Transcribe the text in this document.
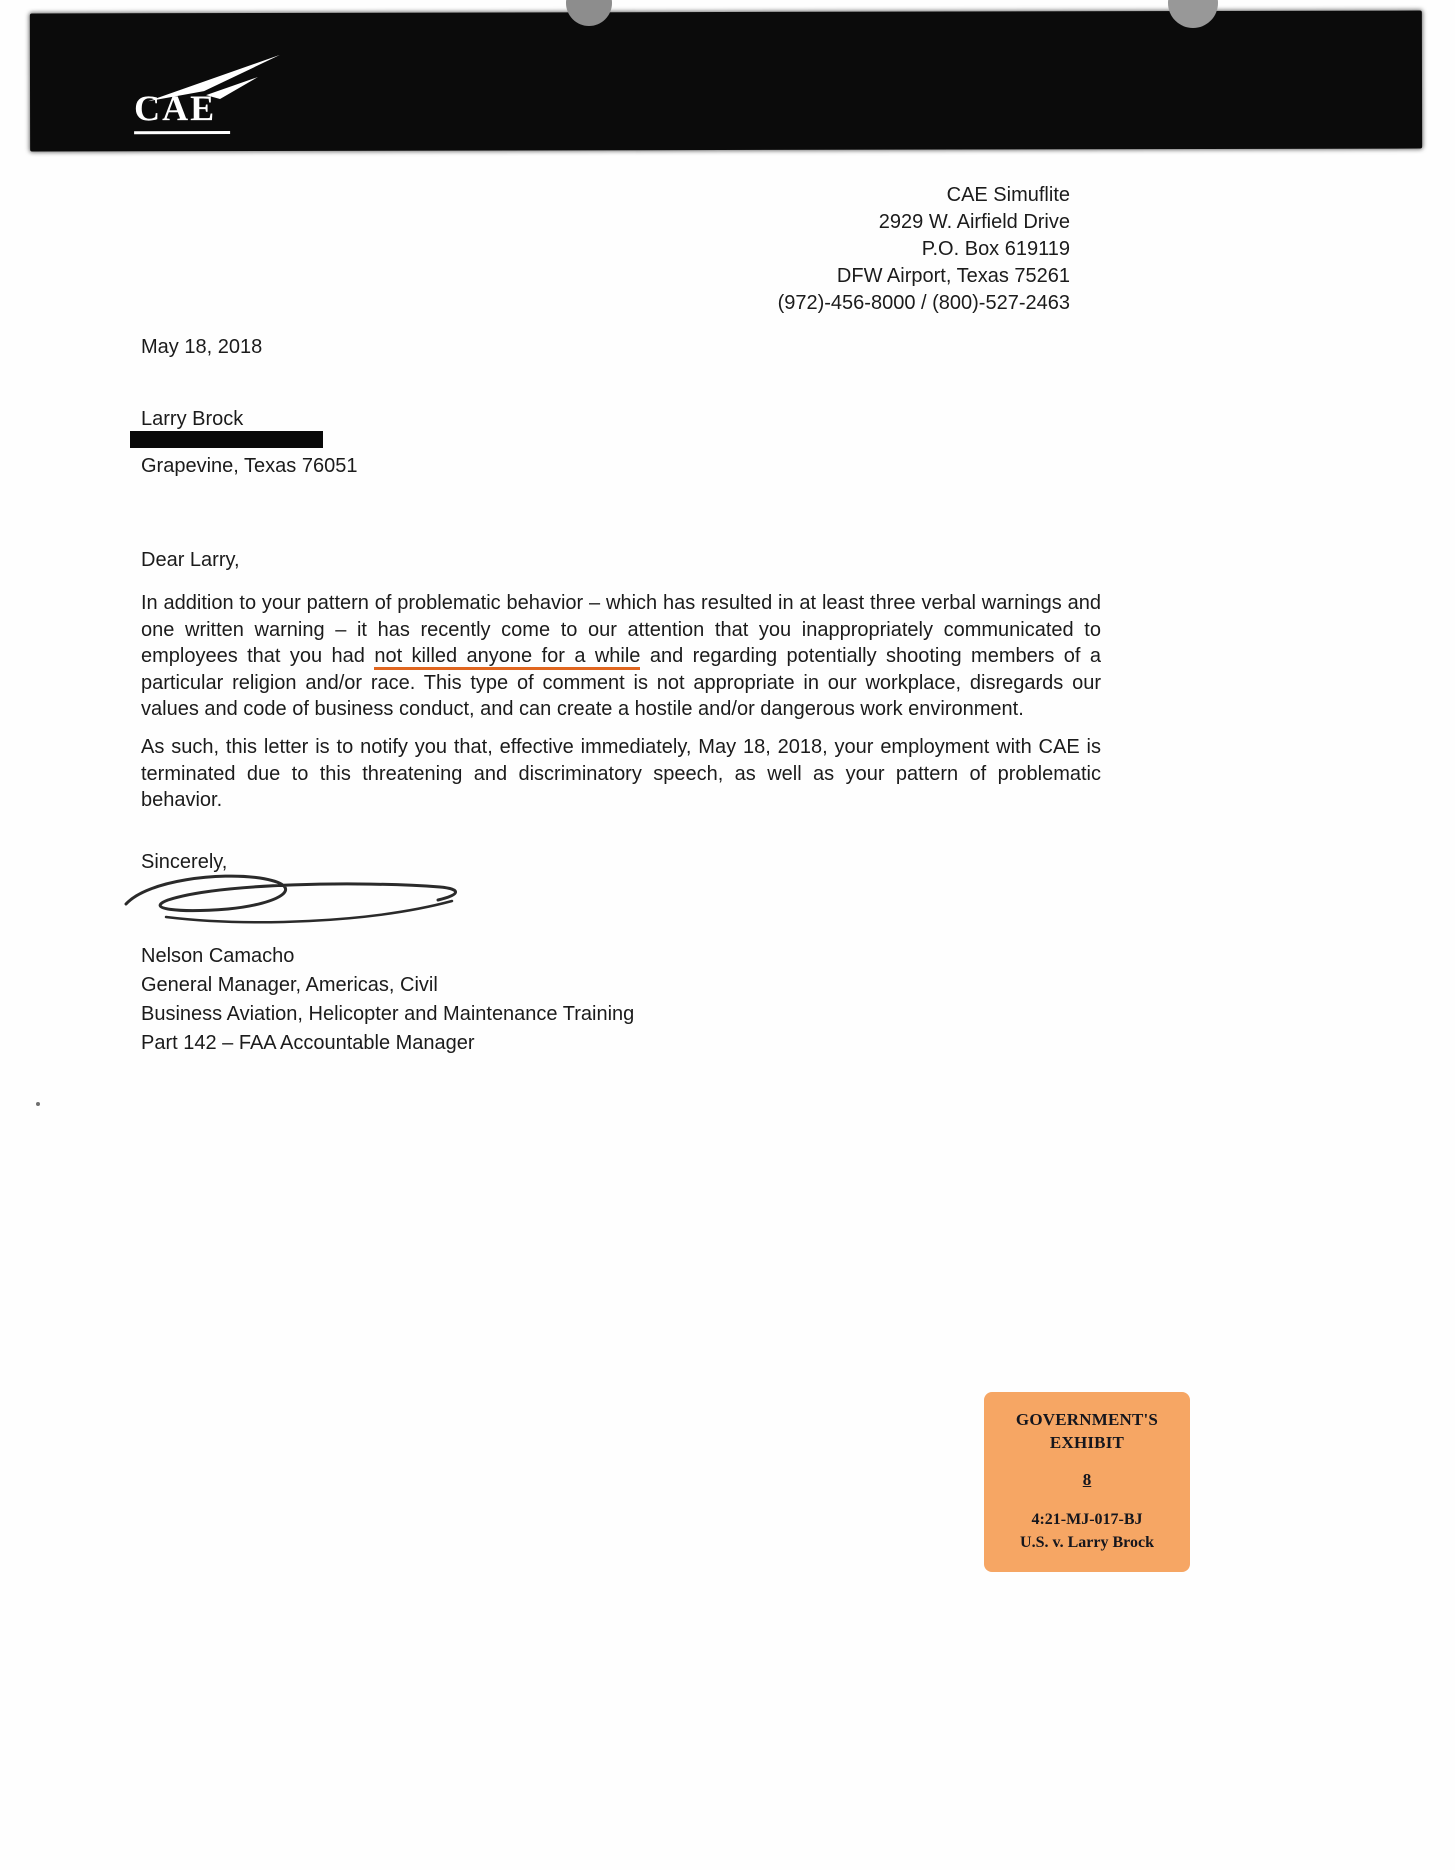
CAE
CAE Simuflite
2929 W. Airfield Drive
P.O. Box 619119
DFW Airport, Texas 75261
(972)-456-8000 / (800)-527-2463
May 18, 2018
Larry Brock
Grapevine, Texas 76051
Dear Larry,

In addition to your pattern of problematic behavior – which has resulted in at least three verbal warnings and one written warning – it has recently come to our attention that you inappropriately communicated to employees that you had not killed anyone for a while and regarding potentially shooting members of a particular religion and/or race. This type of comment is not appropriate in our workplace, disregards our values and code of business conduct, and can create a hostile and/or dangerous work environment.

As such, this letter is to notify you that, effective immediately, May 18, 2018, your employment with CAE is terminated due to this threatening and discriminatory speech, as well as your pattern of problematic behavior.

Sincerely,
Nelson Camacho
General Manager, Americas, Civil
Business Aviation, Helicopter and Maintenance Training
Part 142 – FAA Accountable Manager
GOVERNMENT'S
EXHIBIT
8
4:21-MJ-017-BJ
U.S. v. Larry Brock
